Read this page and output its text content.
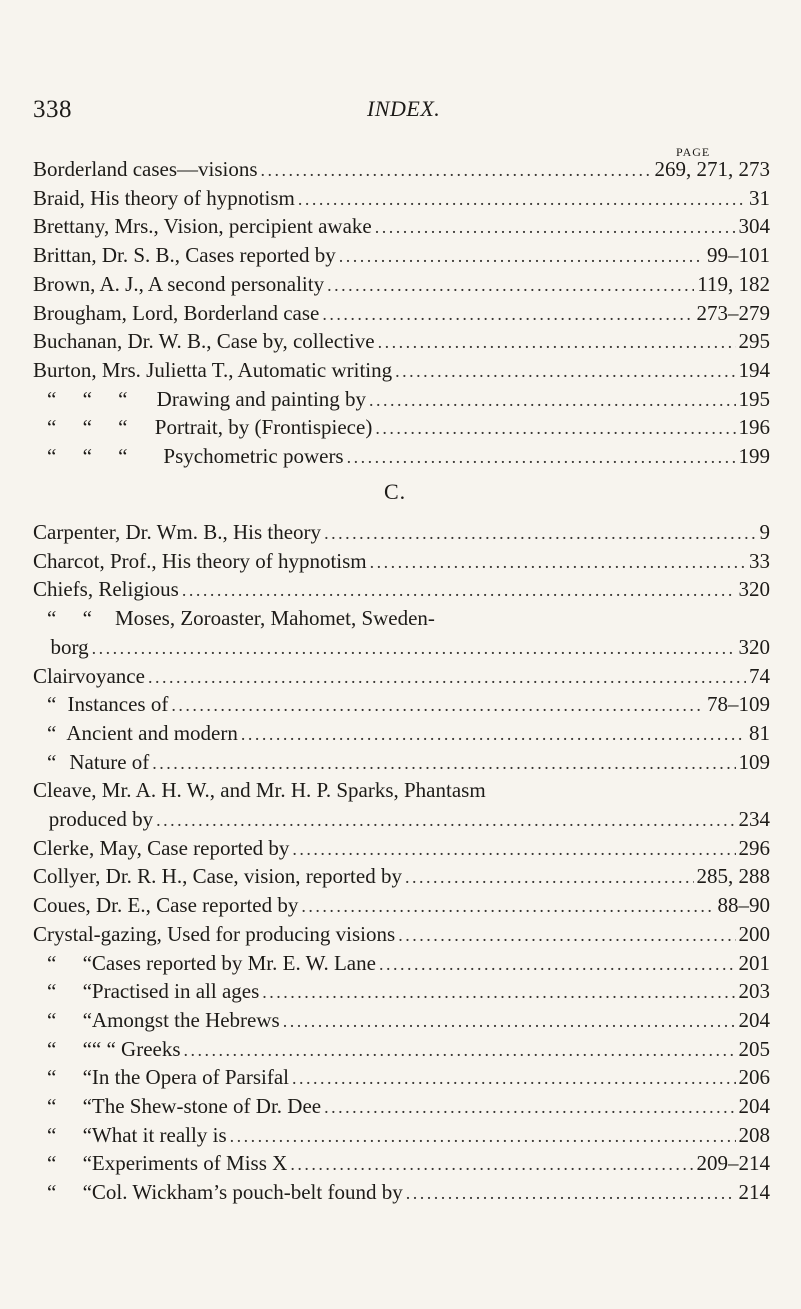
338	INDEX.
PAGE
Borderland cases—visions . . .	269, 271, 273
Braid, His theory of hypnotism . . .	31
Brettany, Mrs., Vision, percipient awake . . .	304
Brittan, Dr. S. B., Cases reported by . . .	99–101
Brown, A. J., A second personality . . .	119, 182
Brougham, Lord, Borderland case . . .	273–279
Buchanan, Dr. W. B., Case by, collective . . .	295
Burton, Mrs. Julietta T., Automatic writing . . .	194
“     “     “	Drawing and painting by . . .	195
“     “     “	Portrait, by (Frontispiece) . . .	196
“     “     “	Psychometric powers . . .	199
C.
Carpenter, Dr. Wm. B., His theory . . .	9
Charcot, Prof., His theory of hypnotism . . .	33
Chiefs, Religious . . .	320
“     “	Moses, Zoroaster, Mahomet, Sweden-
borg . . .	320
Clairvoyance . . .	74
“ Instances of . . .	78–109
“ Ancient and modern . . .	81
“ Nature of . . .	109
Cleave, Mr. A. H. W., and Mr. H. P. Sparks, Phantasm
produced by . . .	234
Clerke, May, Case reported by . . .	296
Collyer, Dr. R. H., Case, vision, reported by . . .	285, 288
Coues, Dr. E., Case reported by . . .	88–90
Crystal-gazing, Used for producing visions . . .	200
“     “ Cases reported by Mr. E. W. Lane . . .	201
“     “ Practised in all ages . . .	203
“     “ Amongst the Hebrews . . .	204
“     “ “ “ Greeks . . .	205
“     “ In the Opera of Parsifal . . .	206
“     “ The Shew-stone of Dr. Dee . . .	204
“     “ What it really is . . .	208
“     “ Experiments of Miss X . . .	209–214
“     “ Col. Wickham’s pouch-belt found by . . .	214
